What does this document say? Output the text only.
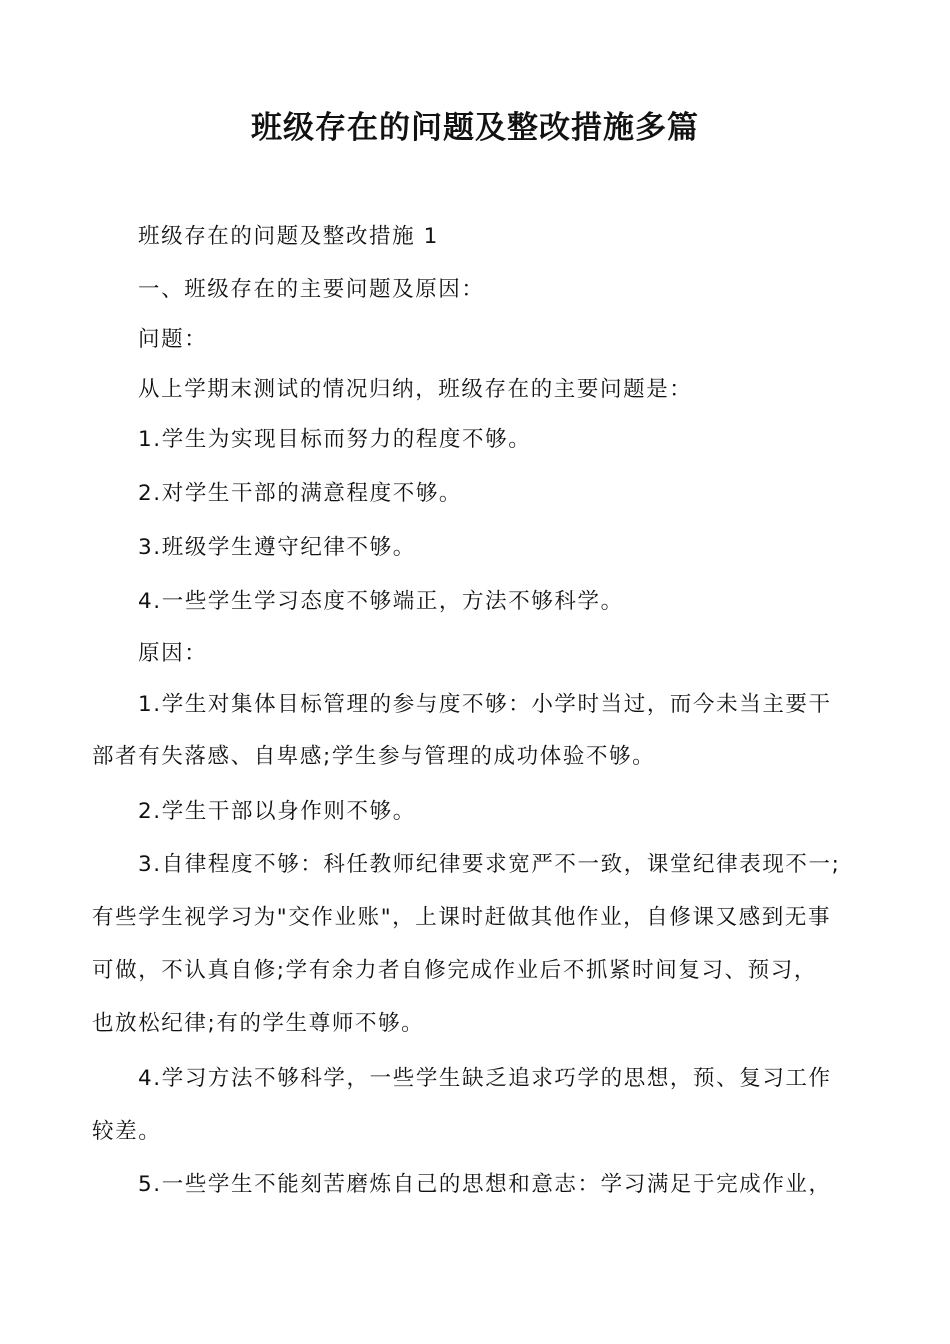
班级存在的问题及整改措施多篇
班级存在的问题及整改措施 1
一、班级存在的主要问题及原因：
问题：
从上学期末测试的情况归纳，班级存在的主要问题是：
1.学生为实现目标而努力的程度不够。
2.对学生干部的满意程度不够。
3.班级学生遵守纪律不够。
4.一些学生学习态度不够端正，方法不够科学。
原因：
1.学生对集体目标管理的参与度不够：小学时当过，而今未当主要干
部者有失落感、自卑感;学生参与管理的成功体验不够。
2.学生干部以身作则不够。
3.自律程度不够：科任教师纪律要求宽严不一致，课堂纪律表现不一;
有些学生视学习为"交作业账"，上课时赶做其他作业，自修课又感到无事
可做，不认真自修;学有余力者自修完成作业后不抓紧时间复习、预习，
也放松纪律;有的学生尊师不够。
4.学习方法不够科学，一些学生缺乏追求巧学的思想，预、复习工作
较差。
5.一些学生不能刻苦磨炼自己的思想和意志：学习满足于完成作业，
